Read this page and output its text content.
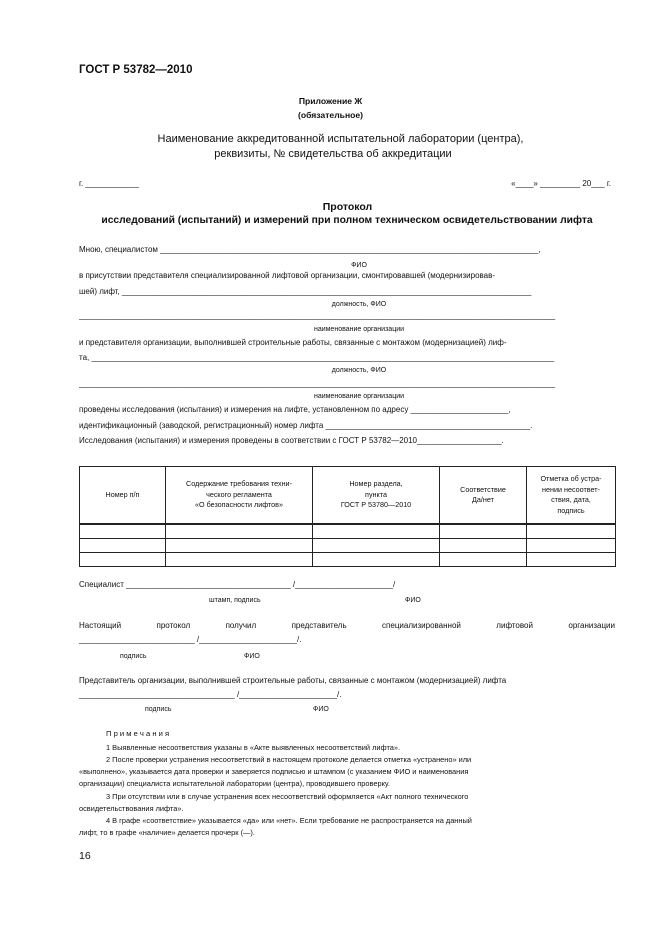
ГОСТ Р 53782—2010
Приложение Ж
(обязательное)
Наименование аккредитованной испытательной лаборатории (центра),
реквизиты, № свидетельства об аккредитации
г. ____________	«____» _________ 20___ г.
Протокол
исследований (испытаний) и измерений при полном техническом освидетельствовании лифта
Мною, специалистом _____________________________________________________________________________________,
ФИО
в присутствии представителя специализированной лифтовой организации, смонтировавшей (модернизировав-
шей) лифт, ____________________________________________________________________________________________
должность, ФИО
___________________________________________________________________________________________________________
наименование организации
и представителя организации, выполнившей строительные работы, связанные с монтажом (модернизацией) лиф-
та, ________________________________________________________________________________________________________
должность, ФИО
___________________________________________________________________________________________________________
наименование организации
проведены исследования (испытания) и измерения на лифте, установленном по адресу ______________________,
идентификационный (заводской, регистрационный) номер лифта ______________________________________________.
Исследования (испытания) и измерения проведены в соответствии с ГОСТ Р 53782—2010___________________.
Номер п/п	Содержание требования техни-
ческого регламента
«О безопасности лифтов»	Номер раздела,
пункта
ГОСТ Р 53780—2010	Соответствие
Да/нет	Отметка об устра-
нении несоответ-
ствия, дата,
подпись

Специалист _____________________________________ /______________________/
штамп, подпись	ФИО
Настоящий протокол получил представитель специализированной лифтовой организации
__________________________ /______________________/.
подпись	ФИО
Представитель организации, выполнившей строительные работы, связанные с монтажом (модернизацией) лифта
___________________________________ /______________________/.
подпись	ФИО
П р и м е ч а н и я
1 Выявленные несоответствия указаны в «Акте выявленных несоответствий лифта».
2 После проверки устранения несоответствий в настоящем протоколе делается отметка «устранено» или
«выполнено», указывается дата проверки и заверяется подписью и штампом (с указанием ФИО и наименования
организации) специалиста испытательной лаборатории (центра), проводившего проверку.
3 При отсутствии или в случае устранения всех несоответствий оформляется «Акт полного технического
освидетельствования лифта».
4 В графе «соответствие» указывается «да» или «нет». Если требование не распространяется на данный
лифт, то в графе «наличие» делается прочерк (—).
16
